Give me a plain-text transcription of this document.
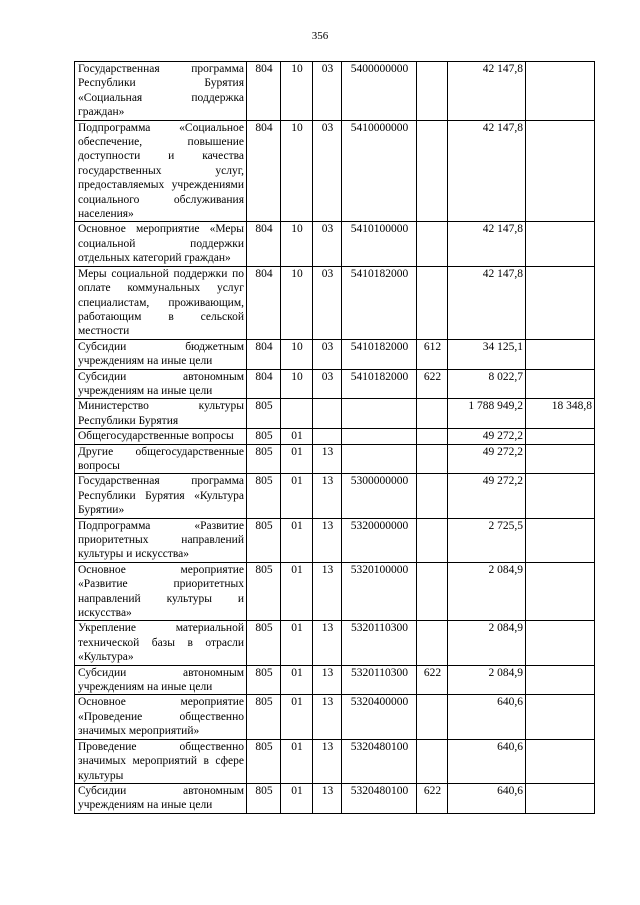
356
Государственная программа Республики Бурятия «Социальная поддержка граждан»	804	10	03	5400000000		42 147,8	
Подпрограмма «Социальное обеспечение, повышение доступности и качества государственных услуг, предоставляемых учреждениями социального обслуживания населения»	804	10	03	5410000000		42 147,8	
Основное мероприятие «Меры социальной поддержки отдельных категорий граждан»	804	10	03	5410100000		42 147,8	
Меры социальной поддержки по оплате коммунальных услуг специалистам, проживающим, работающим в сельской местности	804	10	03	5410182000		42 147,8	
Субсидии бюджетным учреждениям на иные цели	804	10	03	5410182000	612	34 125,1	
Субсидии автономным учреждениям на иные цели	804	10	03	5410182000	622	8 022,7	
Министерство культуры Республики Бурятия	805					1 788 949,2	18 348,8
Общегосударственные вопросы	805	01				49 272,2	
Другие общегосударственные вопросы	805	01	13			49 272,2	
Государственная программа Республики Бурятия «Культура Бурятии»	805	01	13	5300000000		49 272,2	
Подпрограмма «Развитие приоритетных направлений культуры и искусства»	805	01	13	5320000000		2 725,5	
Основное мероприятие «Развитие приоритетных направлений культуры и искусства»	805	01	13	5320100000		2 084,9	
Укрепление материальной технической базы в отрасли «Культура»	805	01	13	5320110300		2 084,9	
Субсидии автономным учреждениям на иные цели	805	01	13	5320110300	622	2 084,9	
Основное мероприятие «Проведение общественно значимых мероприятий»	805	01	13	5320400000		640,6	
Проведение общественно значимых мероприятий в сфере культуры	805	01	13	5320480100		640,6	
Субсидии автономным учреждениям на иные цели	805	01	13	5320480100	622	640,6	
